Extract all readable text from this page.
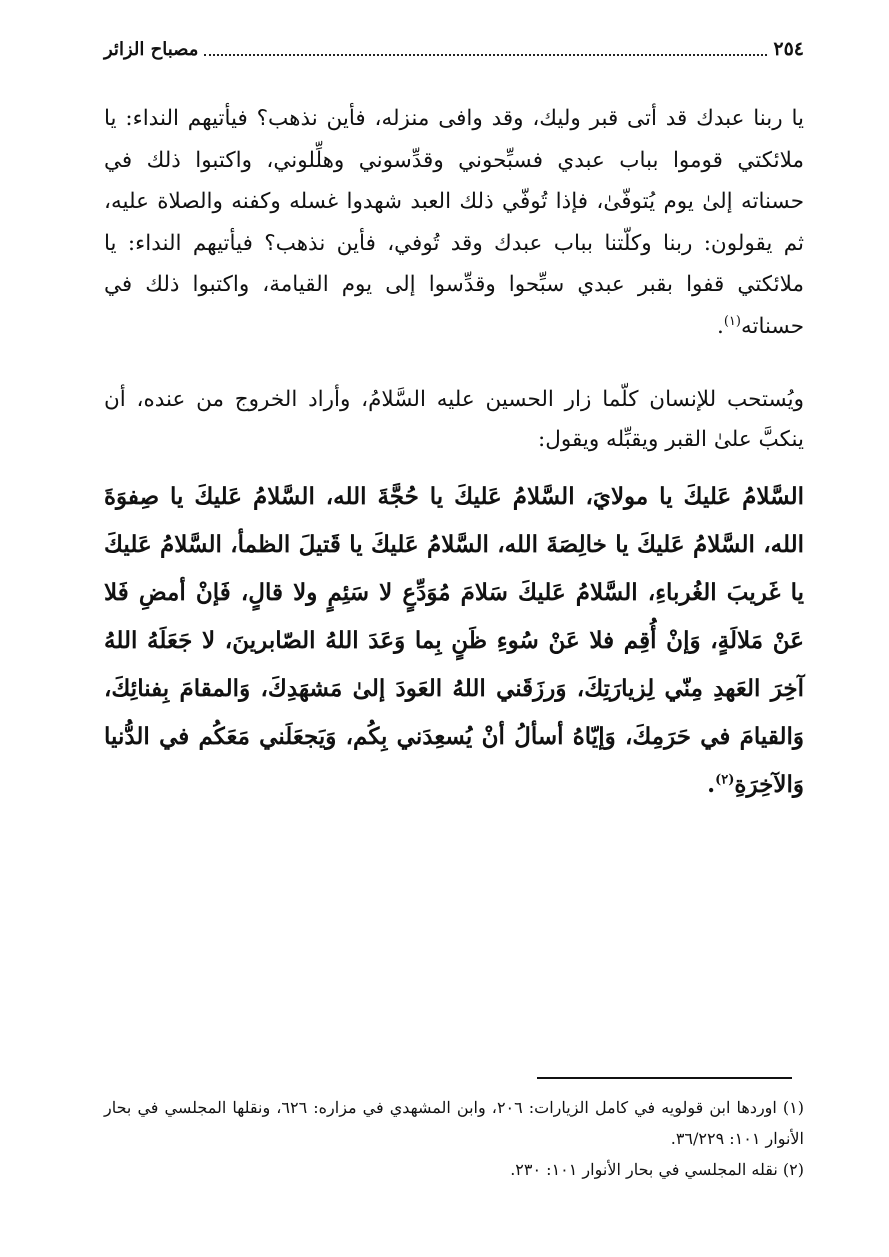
٢٥٤
مصباح الزائر

يا ربنا عبدك قد أتى قبر وليك، وقد وافى منزله، فأين نذهب؟ فيأتيهم النداء: يا ملائكتي قوموا بباب عبدي فسبِّحوني وقدِّسوني وهلِّلوني، واكتبوا ذلك في حسناته إلىٰ يوم يُتوفّىٰ، فإذا تُوفّي ذلك العبد شهدوا غسله وكفنه والصلاة عليه، ثم يقولون: ربنا وكلّتنا بباب عبدك وقد تُوفي، فأين نذهب؟ فيأتيهم النداء: يا ملائكتي قفوا بقبر عبدي سبِّحوا وقدِّسوا إلى يوم القيامة، واكتبوا ذلك في حسناته$^{(١)}$.

ويُستحب للإنسان كلّما زار الحسين عليه السَّلامُ، وأراد الخروج من عنده، أن ينكبَّ علىٰ القبر ويقبِّله ويقول:

السَّلامُ عَليكَ يا مولايَ، السَّلامُ عَليكَ يا حُجَّةَ الله، السَّلامُ عَليكَ يا صِفوَةَ الله، السَّلامُ عَليكَ يا خالِصَةَ الله، السَّلامُ عَليكَ يا قَتيلَ الظمأ، السَّلامُ عَليكَ يا غَريبَ الغُرباءِ، السَّلامُ عَليكَ سَلامَ مُوَدِّعٍ لا سَئِمٍ ولا قالٍ، فَإنْ أمضِ فَلا عَنْ مَلالَةٍ، وَإنْ أُقِم فلا عَنْ سُوءِ ظَنٍ بِما وَعَدَ اللهُ الصّابرينَ، لا جَعَلَهُ اللهُ آخِرَ العَهدِ مِنّي لِزيارَتِكَ، وَرزَقَني اللهُ العَودَ إلىٰ مَشهَدِكَ، وَالمقامَ بِفنائِكَ، وَالقيامَ في حَرَمِكَ، وَإيّاهُ أسألُ أنْ يُسعِدَني بِكُم، وَيَجعَلَني مَعَكُم في الدُّنيا وَالآخِرَةِ$^{(٢)}$.

(١) اوردها ابن قولويه في كامل الزيارات: ٢٠٦، وابن المشهدي في مزاره: ٦٢٦، ونقلها المجلسي في بحار الأنوار ١٠١: ٣٦/٢٢٩.

(٢) نقله المجلسي في بحار الأنوار ١٠١: ٢٣٠.
